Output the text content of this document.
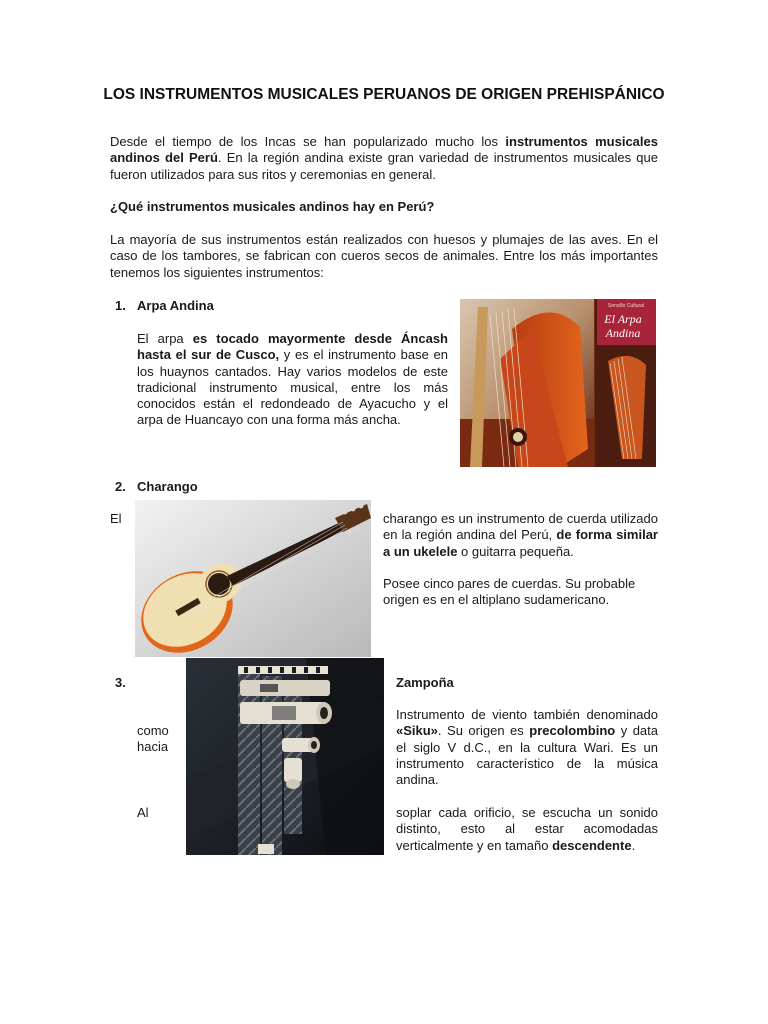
LOS INSTRUMENTOS MUSICALES PERUANOS DE ORIGEN PREHISPÁNICO
Desde el tiempo de los Incas se han popularizado mucho los instrumentos musicales andinos del Perú. En la región andina existe gran variedad de instrumentos musicales que fueron utilizados para sus ritos y ceremonias en general.
¿Qué instrumentos musicales andinos hay en Perú?
La mayoría de sus instrumentos están realizados con huesos y plumajes de las aves. En el caso de los tambores, se fabrican con cueros secos de animales. Entre los más importantes tenemos los siguientes instrumentos:
1. Arpa Andina
El arpa es tocado mayormente desde Áncash hasta el sur de Cusco, y es el instrumento base en los huaynos cantados. Hay varios modelos de este tradicional instrumento musical, entre los más conocidos están el redondeado de Ayacucho y el arpa de Huancayo con una forma más ancha.
Sencillo Cultural
El Arpa
Andina
2. Charango
El	charango es un instrumento de cuerda utilizado en la región andina del Perú, de forma similar a un ukelele o guitarra pequeña.
Posee cinco pares de cuerdas. Su probable origen es en el altiplano sudamericano.
3.
como
hacia
Al
Zampoña
Instrumento de viento también denominado «Siku». Su origen es precolombino y data el siglo V d.C., en la cultura Wari. Es un instrumento característico de la música andina.
soplar cada orificio, se escucha un sonido distinto, esto al estar acomodadas verticalmente y en tamaño descendente.
